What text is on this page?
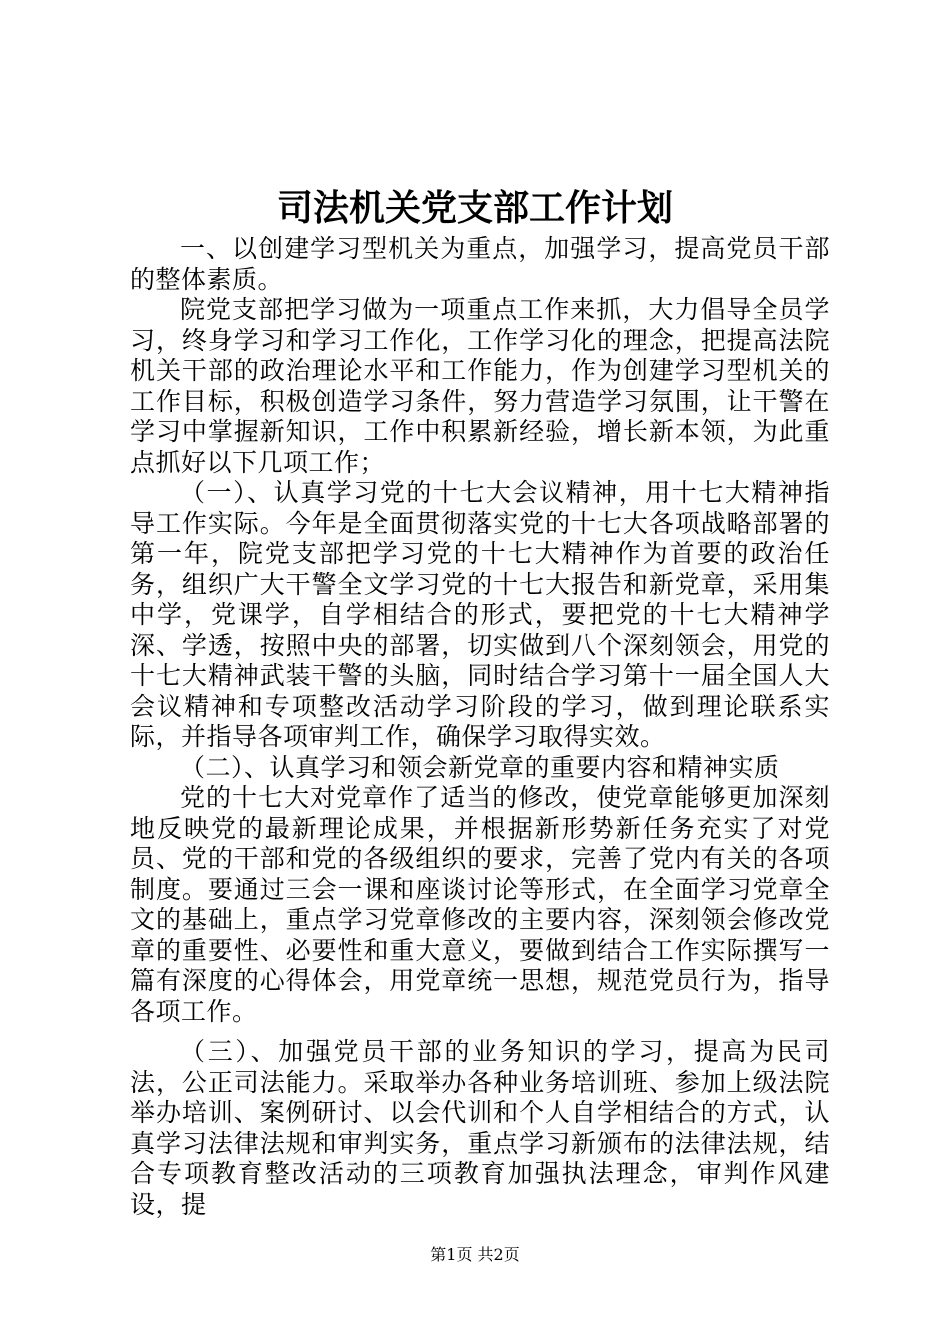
司法机关党支部工作计划

一、以创建学习型机关为重点，加强学习，提高党员干部的整体素质。

院党支部把学习做为一项重点工作来抓，大力倡导全员学习，终身学习和学习工作化，工作学习化的理念，把提高法院机关干部的政治理论水平和工作能力，作为创建学习型机关的工作目标，积极创造学习条件，努力营造学习氛围，让干警在学习中掌握新知识，工作中积累新经验，增长新本领，为此重点抓好以下几项工作；

（一）、认真学习党的十七大会议精神，用十七大精神指导工作实际。今年是全面贯彻落实党的十七大各项战略部署的第一年，院党支部把学习党的十七大精神作为首要的政治任务，组织广大干警全文学习党的十七大报告和新党章，采用集中学，党课学，自学相结合的形式，要把党的十七大精神学深、学透，按照中央的部署，切实做到八个深刻领会，用党的十七大精神武装干警的头脑，同时结合学习第十一届全国人大会议精神和专项整改活动学习阶段的学习，做到理论联系实际，并指导各项审判工作，确保学习取得实效。

（二）、认真学习和领会新党章的重要内容和精神实质

党的十七大对党章作了适当的修改，使党章能够更加深刻地反映党的最新理论成果，并根据新形势新任务充实了对党员、党的干部和党的各级组织的要求，完善了党内有关的各项制度。要通过三会一课和座谈讨论等形式，在全面学习党章全文的基础上，重点学习党章修改的主要内容，深刻领会修改党章的重要性、必要性和重大意义，要做到结合工作实际撰写一篇有深度的心得体会，用党章统一思想，规范党员行为，指导各项工作。

（三）、加强党员干部的业务知识的学习，提高为民司法，公正司法能力。采取举办各种业务培训班、参加上级法院举办培训、案例研讨、以会代训和个人自学相结合的方式，认真学习法律法规和审判实务，重点学习新颁布的法律法规，结合专项教育整改活动的三项教育加强执法理念，审判作风建设，提

第1页 共2页
